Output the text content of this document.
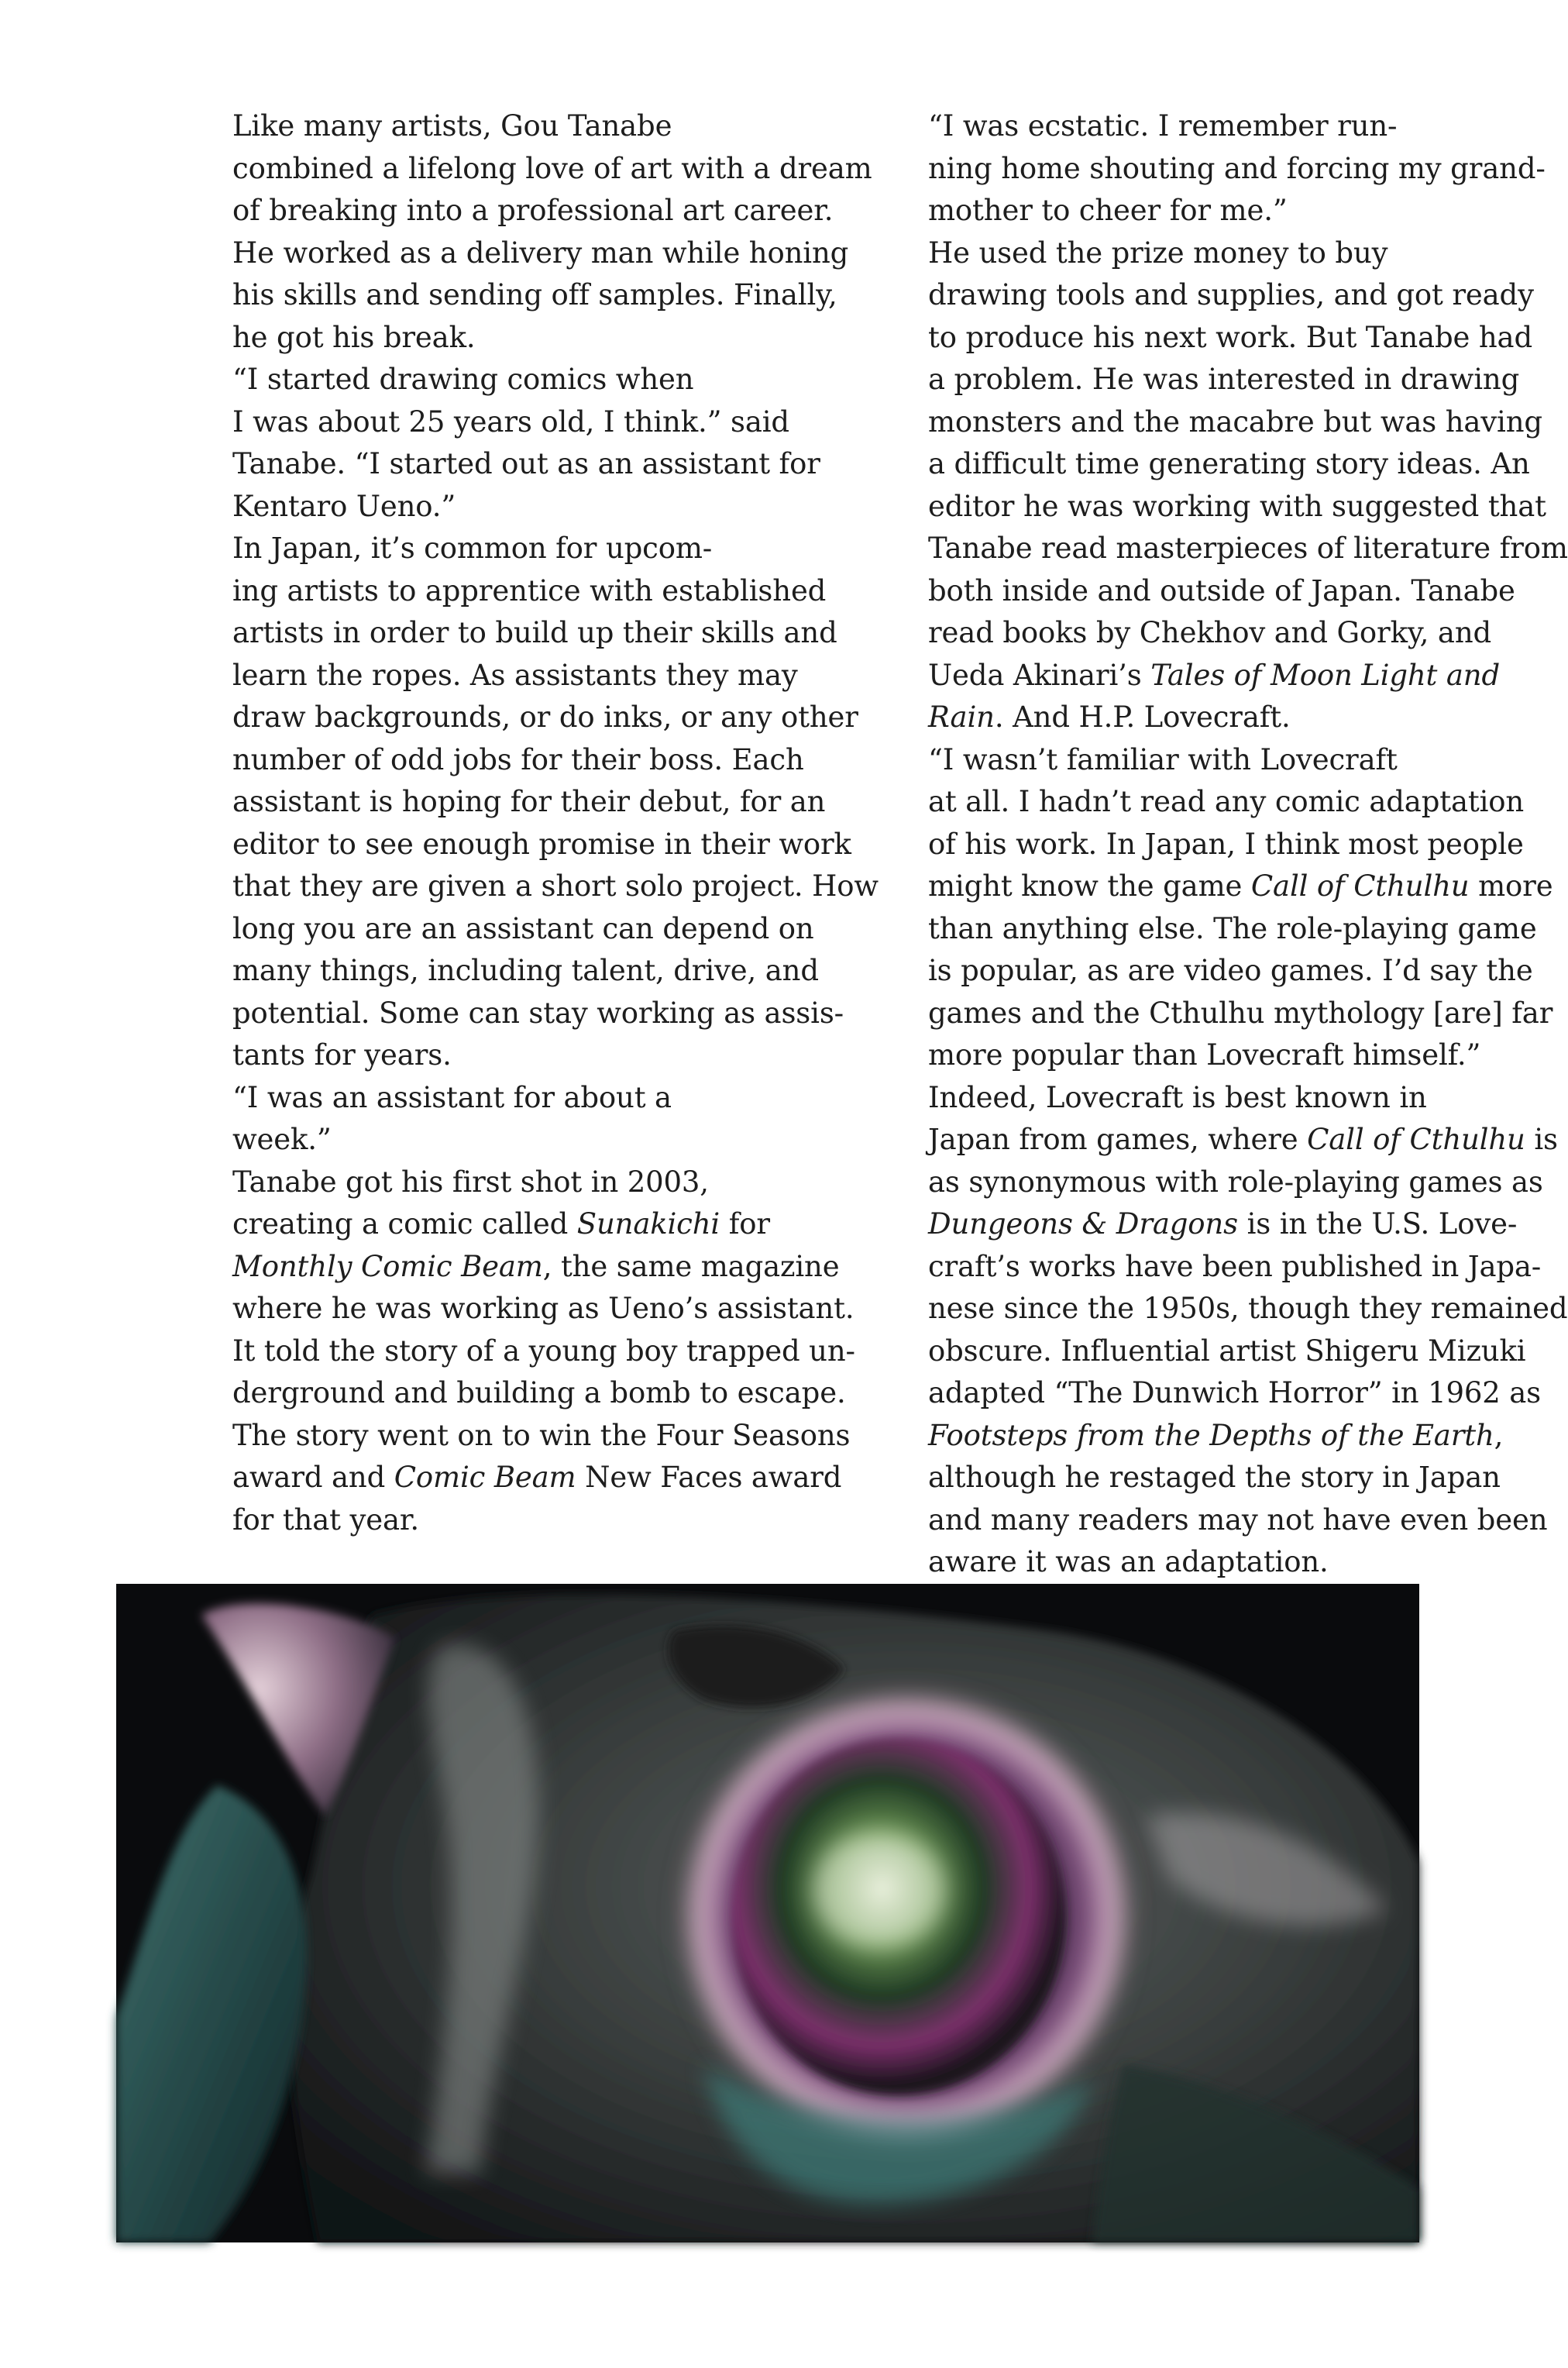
Like many artists, Gou Tanabe
combined a lifelong love of art with a dream
of breaking into a professional art career.
He worked as a delivery man while honing
his skills and sending off samples. Finally,
he got his break.

“I started drawing comics when
I was about 25 years old, I think.” said
Tanabe. “I started out as an assistant for
Kentaro Ueno.”

In Japan, it’s common for upcom-
ing artists to apprentice with established
artists in order to build up their skills and
learn the ropes. As assistants they may
draw backgrounds, or do inks, or any other
number of odd jobs for their boss. Each
assistant is hoping for their debut, for an
editor to see enough promise in their work
that they are given a short solo project. How
long you are an assistant can depend on
many things, including talent, drive, and
potential. Some can stay working as assis-
tants for years.

“I was an assistant for about a
week.”

Tanabe got his first shot in 2003,
creating a comic called Sunakichi for
Monthly Comic Beam, the same magazine
where he was working as Ueno’s assistant.
It told the story of a young boy trapped un-
derground and building a bomb to escape.
The story went on to win the Four Seasons
award and Comic Beam New Faces award
for that year.

“I was ecstatic. I remember run-
ning home shouting and forcing my grand-
mother to cheer for me.”

He used the prize money to buy
drawing tools and supplies, and got ready
to produce his next work. But Tanabe had
a problem. He was interested in drawing
monsters and the macabre but was having
a difficult time generating story ideas. An
editor he was working with suggested that
Tanabe read masterpieces of literature from
both inside and outside of Japan. Tanabe
read books by Chekhov and Gorky, and
Ueda Akinari’s Tales of Moon Light and
Rain. And H.P. Lovecraft.

“I wasn’t familiar with Lovecraft
at all. I hadn’t read any comic adaptation
of his work. In Japan, I think most people
might know the game Call of Cthulhu more
than anything else. The role-playing game
is popular, as are video games. I’d say the
games and the Cthulhu mythology [are] far
more popular than Lovecraft himself.”

Indeed, Lovecraft is best known in
Japan from games, where Call of Cthulhu is
as synonymous with role-playing games as
Dungeons & Dragons is in the U.S. Love-
craft’s works have been published in Japa-
nese since the 1950s, though they remained
obscure. Influential artist Shigeru Mizuki
adapted “The Dunwich Horror” in 1962 as
Footsteps from the Depths of the Earth,
although he restaged the story in Japan
and many readers may not have even been
aware it was an adaptation.
